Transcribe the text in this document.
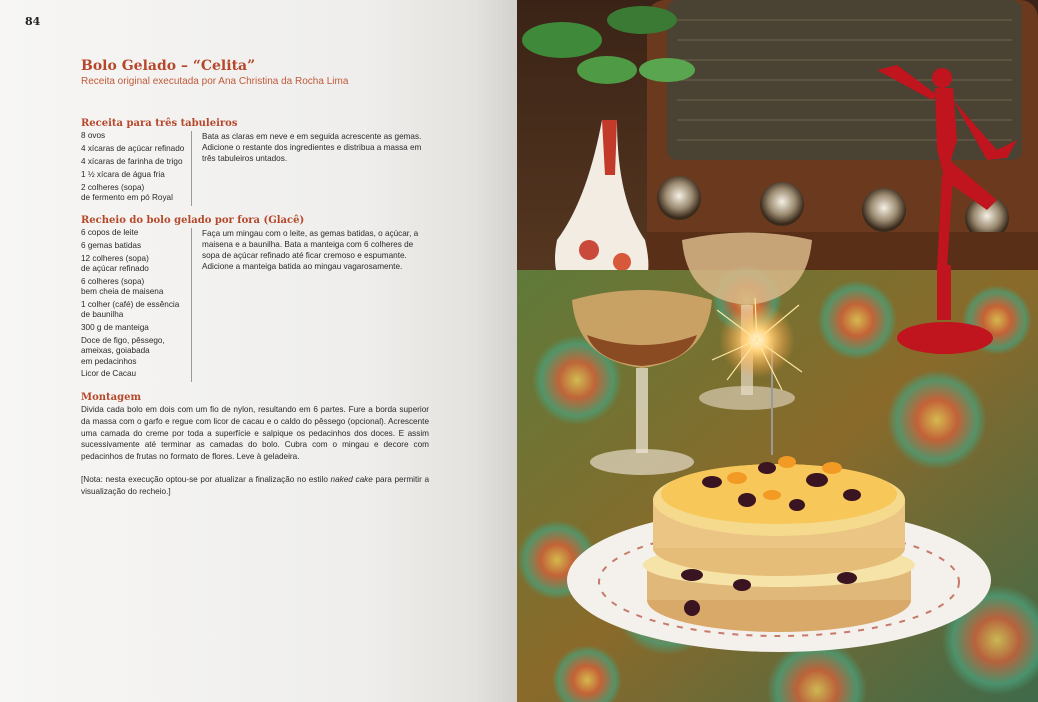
84
Bolo Gelado – “Celita”

Receita original executada por Ana Christina da Rocha Lima

Receita para três tabuleiros
8 ovos
4 xícaras de açúcar refinado
4 xícaras de farinha de trigo
1 ½ xícara de água fria
2 colheres (sopa)
de fermento em pó Royal
Bata as claras em neve e em seguida acrescente as gemas. Adicione o restante dos ingredientes e distribua a massa em três tabuleiros untados.
Recheio do bolo gelado por fora (Glacê)
6 copos de leite
6 gemas batidas
12 colheres (sopa)
de açúcar refinado
6 colheres (sopa)
bem cheia de maisena
1 colher (café) de essência
de baunilha
300 g de manteiga
Doce de figo, pêssego,
ameixas, goiabada
em pedacinhos
Licor de Cacau
Faça um mingau com o leite, as gemas batidas, o açúcar, a maisena e a baunilha. Bata a manteiga com 6 colheres de sopa de açúcar refinado até ficar cremoso e espumante. Adicione a manteiga batida ao mingau vagarosamente.
Montagem

Divida cada bolo em dois com um fio de nylon, resultando em 6 partes. Fure a borda superior da massa com o garfo e regue com licor de cacau e o caldo do pêssego (opcional). Acrescente uma camada do creme por toda a superfície e salpique os pedacinhos dos doces. E assim sucessivamente até terminar as camadas do bolo. Cubra com o mingau e decore com pedacinhos de frutas no formato de flores. Leve à geladeira.

[Nota: nesta execução optou-se por atualizar a finalização no estilo naked cake para permitir a visualização do recheio.]
